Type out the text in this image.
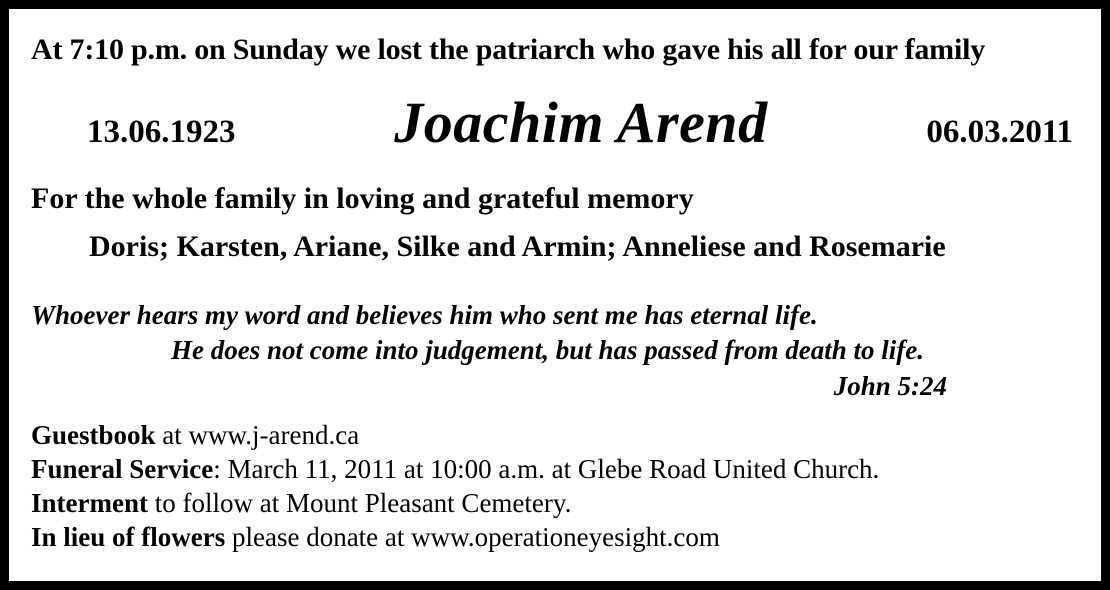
At 7:10 p.m. on Sunday we lost the patriarch who gave his all for our family
13.06.1923	Joachim Arend	06.03.2011
For the whole family in loving and grateful memory
Doris; Karsten, Ariane, Silke and Armin; Anneliese and Rosemarie
Whoever hears my word and believes him who sent me has eternal life.
He does not come into judgement, but has passed from death to life.
John 5:24
Guestbook at www.j-arend.ca
Funeral Service: March 11, 2011 at 10:00 a.m. at Glebe Road United Church.
Interment to follow at Mount Pleasant Cemetery.
In lieu of flowers please donate at www.operationeyesight.com
